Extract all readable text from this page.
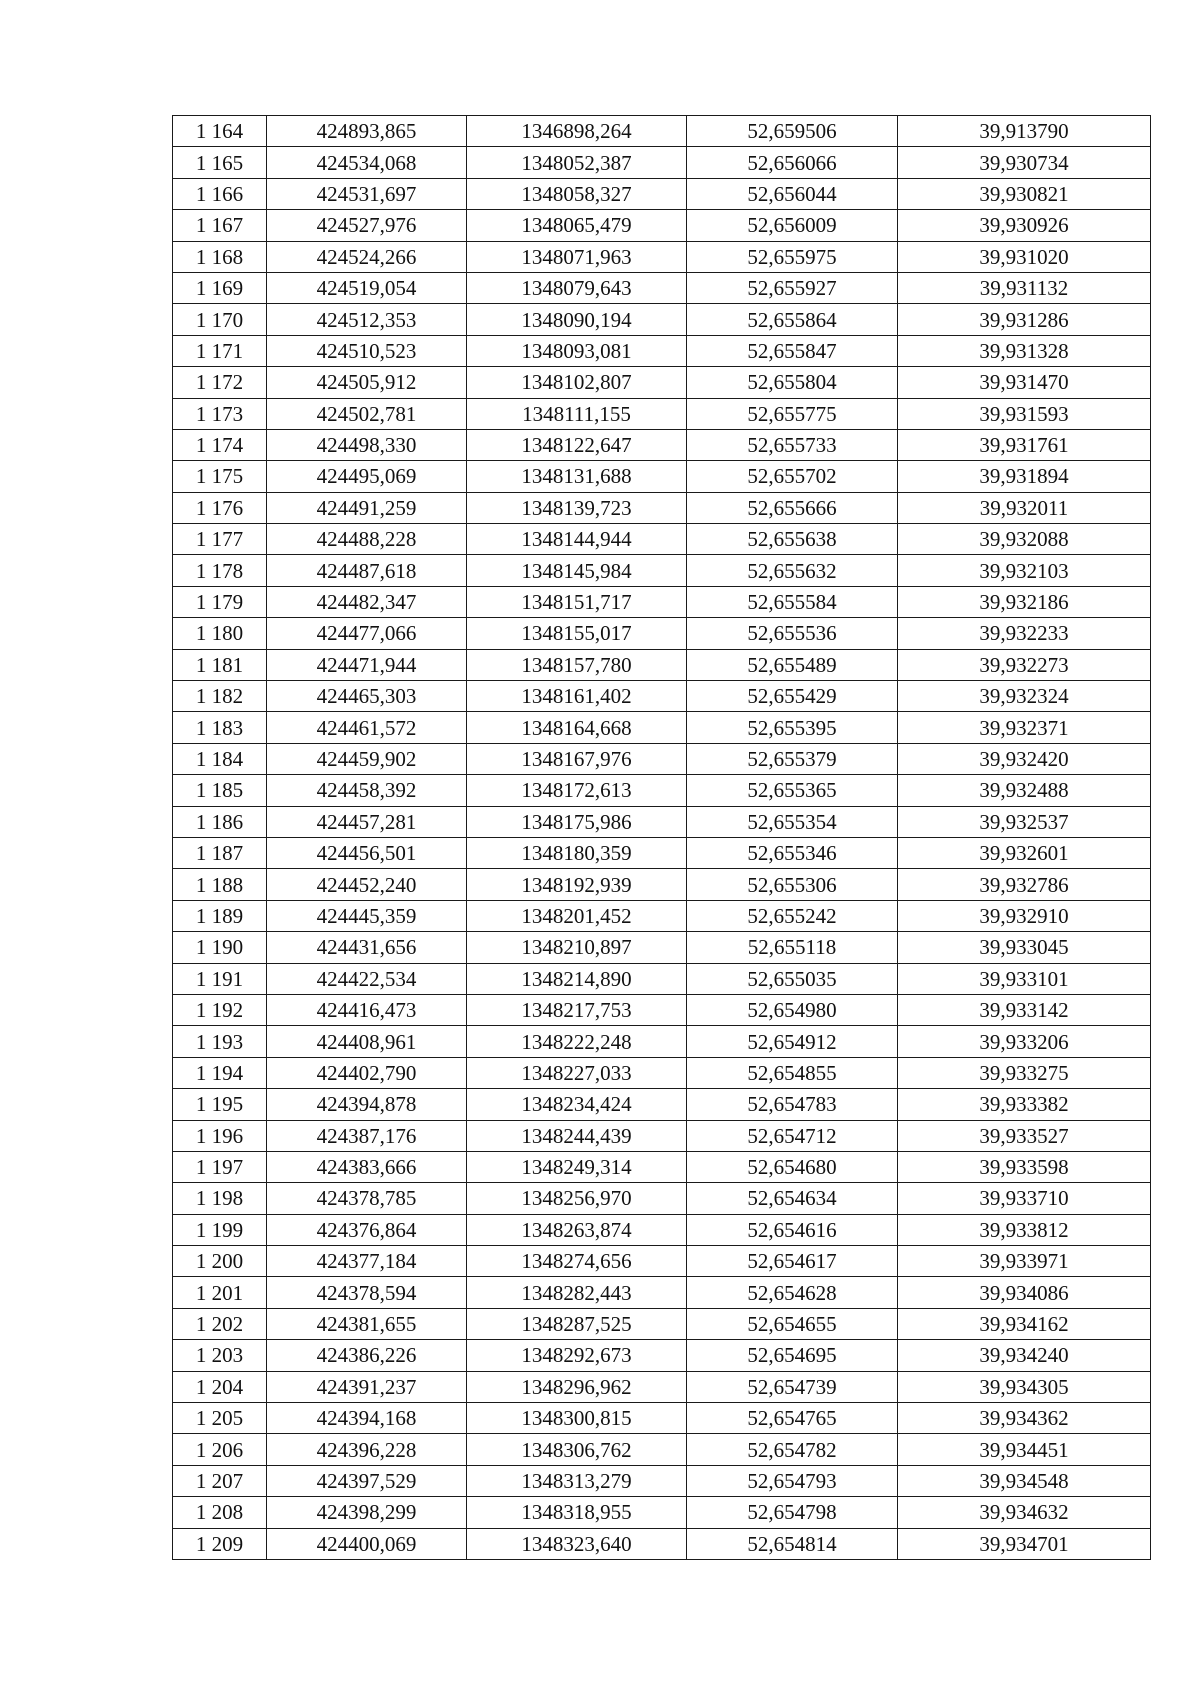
1 164	424893,865	1346898,264	52,659506	39,913790
1 165	424534,068	1348052,387	52,656066	39,930734
1 166	424531,697	1348058,327	52,656044	39,930821
1 167	424527,976	1348065,479	52,656009	39,930926
1 168	424524,266	1348071,963	52,655975	39,931020
1 169	424519,054	1348079,643	52,655927	39,931132
1 170	424512,353	1348090,194	52,655864	39,931286
1 171	424510,523	1348093,081	52,655847	39,931328
1 172	424505,912	1348102,807	52,655804	39,931470
1 173	424502,781	1348111,155	52,655775	39,931593
1 174	424498,330	1348122,647	52,655733	39,931761
1 175	424495,069	1348131,688	52,655702	39,931894
1 176	424491,259	1348139,723	52,655666	39,932011
1 177	424488,228	1348144,944	52,655638	39,932088
1 178	424487,618	1348145,984	52,655632	39,932103
1 179	424482,347	1348151,717	52,655584	39,932186
1 180	424477,066	1348155,017	52,655536	39,932233
1 181	424471,944	1348157,780	52,655489	39,932273
1 182	424465,303	1348161,402	52,655429	39,932324
1 183	424461,572	1348164,668	52,655395	39,932371
1 184	424459,902	1348167,976	52,655379	39,932420
1 185	424458,392	1348172,613	52,655365	39,932488
1 186	424457,281	1348175,986	52,655354	39,932537
1 187	424456,501	1348180,359	52,655346	39,932601
1 188	424452,240	1348192,939	52,655306	39,932786
1 189	424445,359	1348201,452	52,655242	39,932910
1 190	424431,656	1348210,897	52,655118	39,933045
1 191	424422,534	1348214,890	52,655035	39,933101
1 192	424416,473	1348217,753	52,654980	39,933142
1 193	424408,961	1348222,248	52,654912	39,933206
1 194	424402,790	1348227,033	52,654855	39,933275
1 195	424394,878	1348234,424	52,654783	39,933382
1 196	424387,176	1348244,439	52,654712	39,933527
1 197	424383,666	1348249,314	52,654680	39,933598
1 198	424378,785	1348256,970	52,654634	39,933710
1 199	424376,864	1348263,874	52,654616	39,933812
1 200	424377,184	1348274,656	52,654617	39,933971
1 201	424378,594	1348282,443	52,654628	39,934086
1 202	424381,655	1348287,525	52,654655	39,934162
1 203	424386,226	1348292,673	52,654695	39,934240
1 204	424391,237	1348296,962	52,654739	39,934305
1 205	424394,168	1348300,815	52,654765	39,934362
1 206	424396,228	1348306,762	52,654782	39,934451
1 207	424397,529	1348313,279	52,654793	39,934548
1 208	424398,299	1348318,955	52,654798	39,934632
1 209	424400,069	1348323,640	52,654814	39,934701
